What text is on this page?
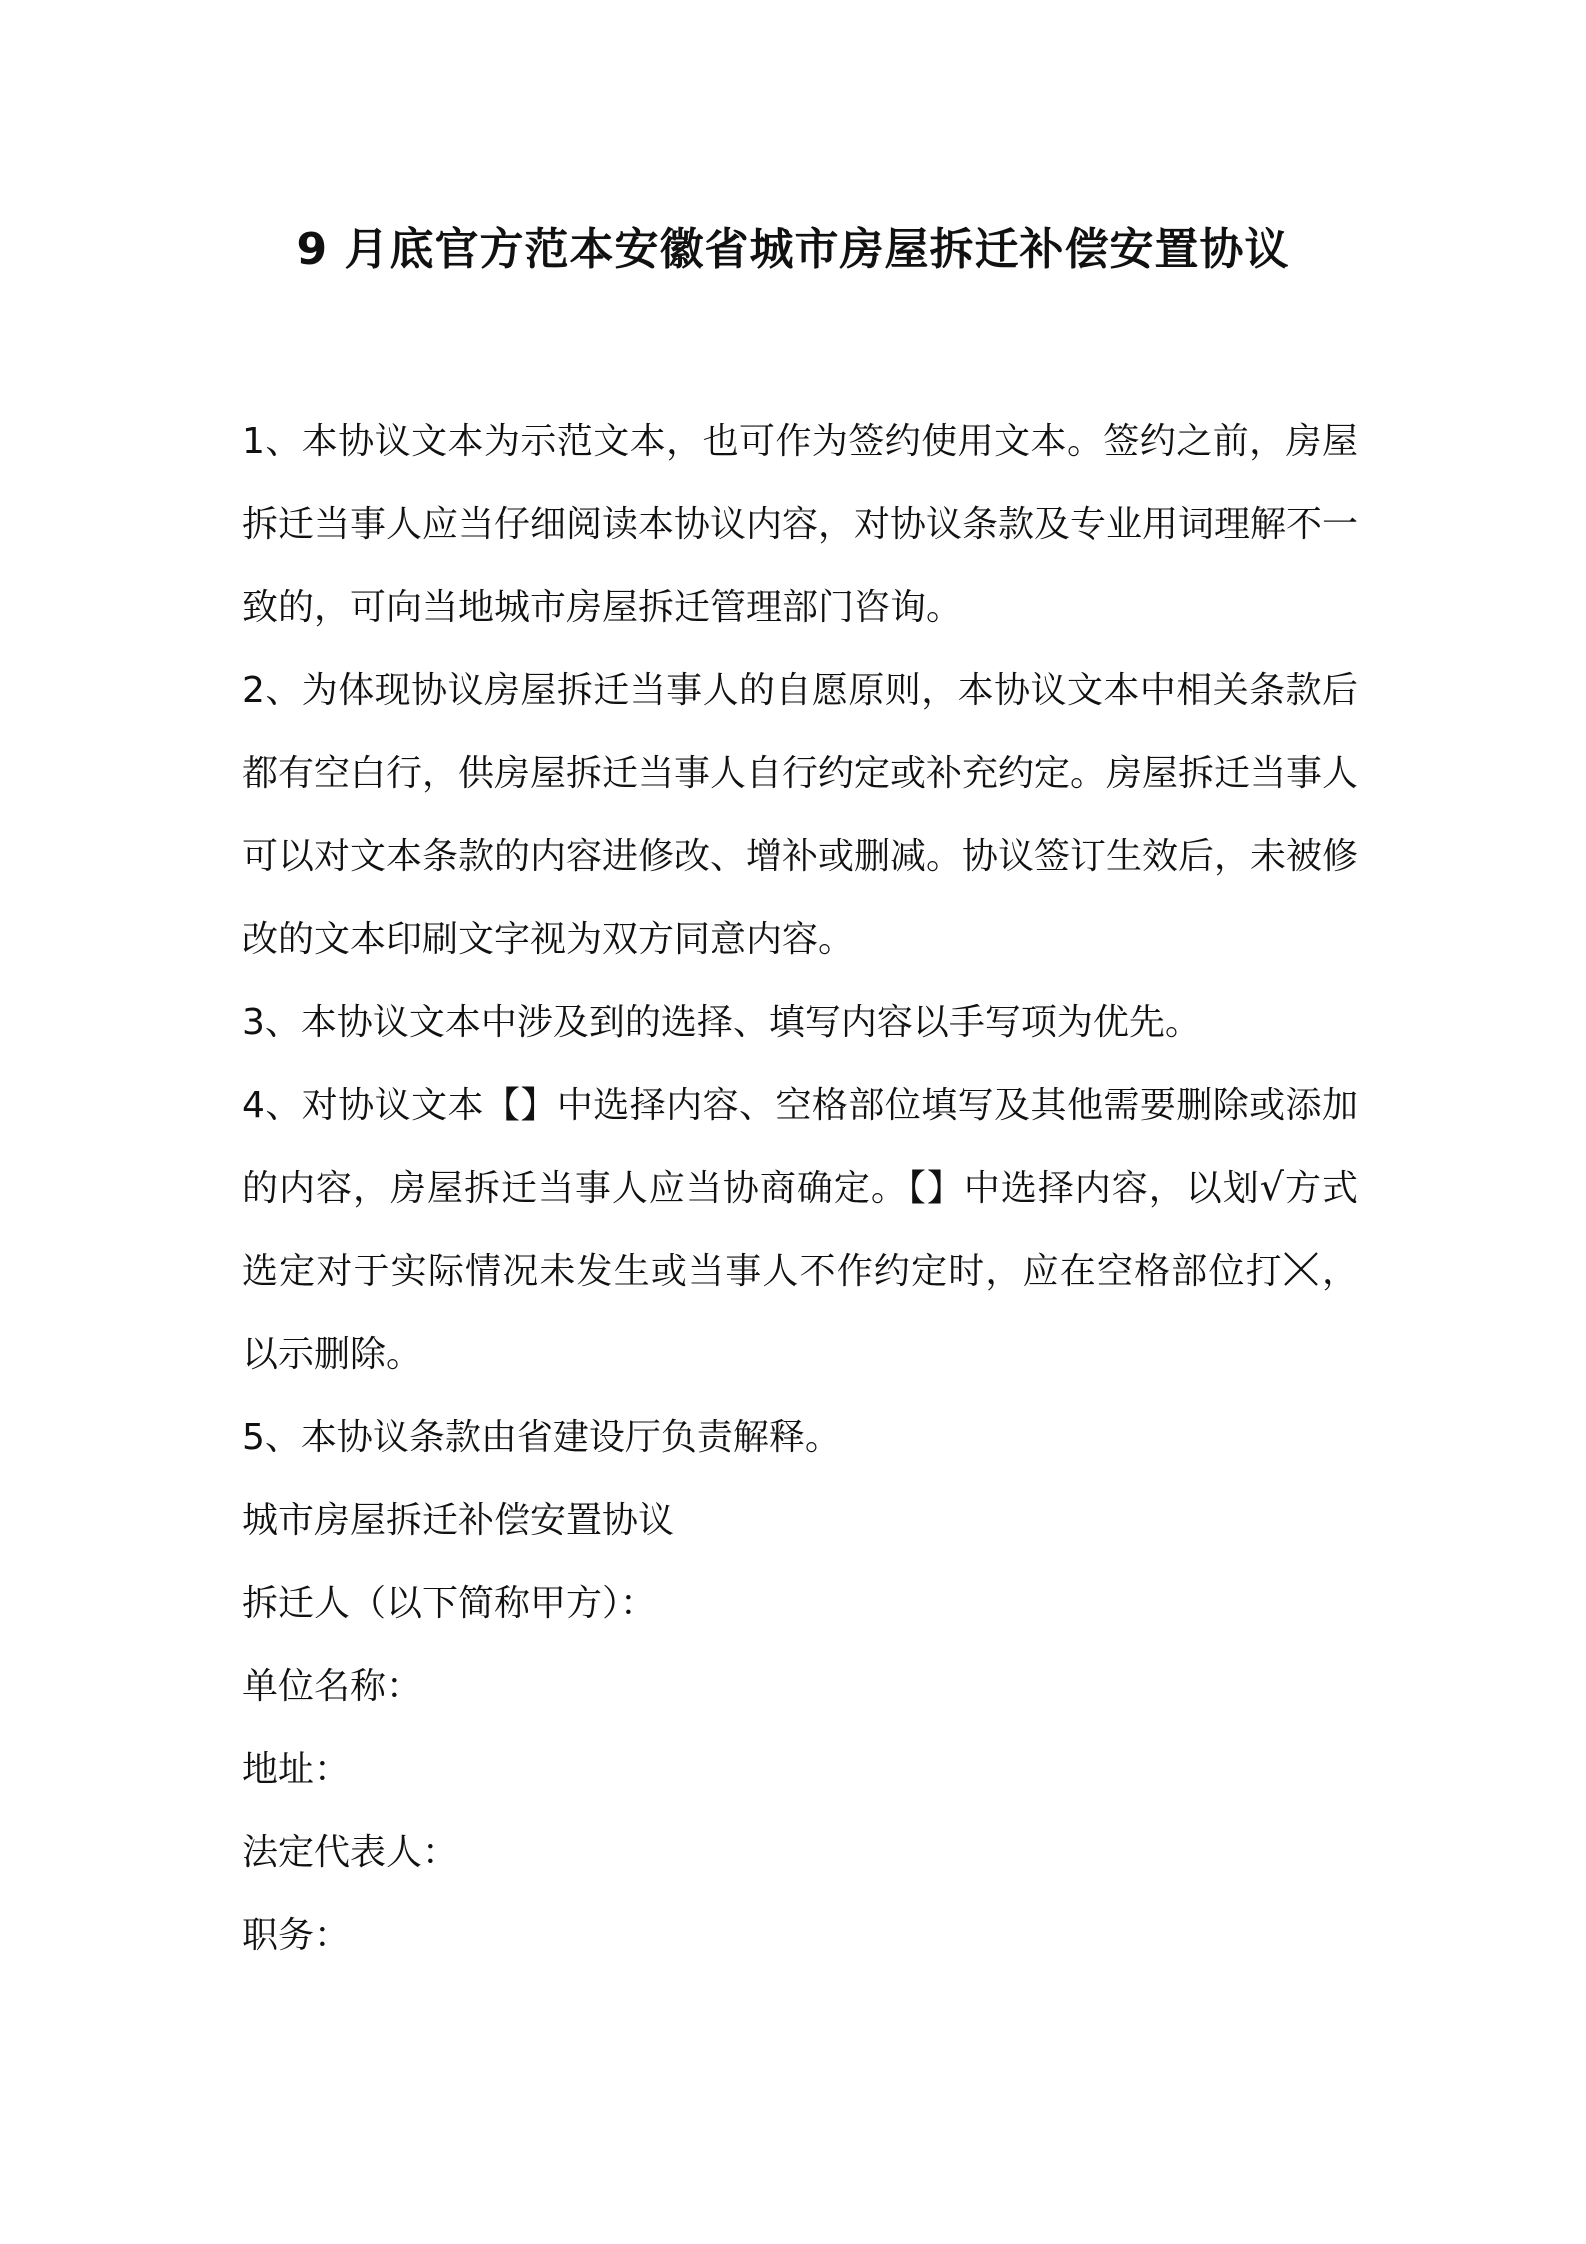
9 月底官方范本安徽省城市房屋拆迁补偿安置协议

1、本协议文本为示范文本，也可作为签约使用文本。签约之前，房屋拆迁当事人应当仔细阅读本协议内容，对协议条款及专业用词理解不一致的，可向当地城市房屋拆迁管理部门咨询。

2、为体现协议房屋拆迁当事人的自愿原则，本协议文本中相关条款后都有空白行，供房屋拆迁当事人自行约定或补充约定。房屋拆迁当事人可以对文本条款的内容进修改、增补或删减。协议签订生效后，未被修改的文本印刷文字视为双方同意内容。

3、本协议文本中涉及到的选择、填写内容以手写项为优先。

4、对协议文本【】中选择内容、空格部位填写及其他需要删除或添加的内容，房屋拆迁当事人应当协商确定。【】中选择内容，以划√方式选定对于实际情况未发生或当事人不作约定时，应在空格部位打 ，以示删除。

5、本协议条款由省建设厅负责解释。

城市房屋拆迁补偿安置协议

拆迁人（以下简称甲方）：

单位名称：

地址：

法定代表人：

职务：
